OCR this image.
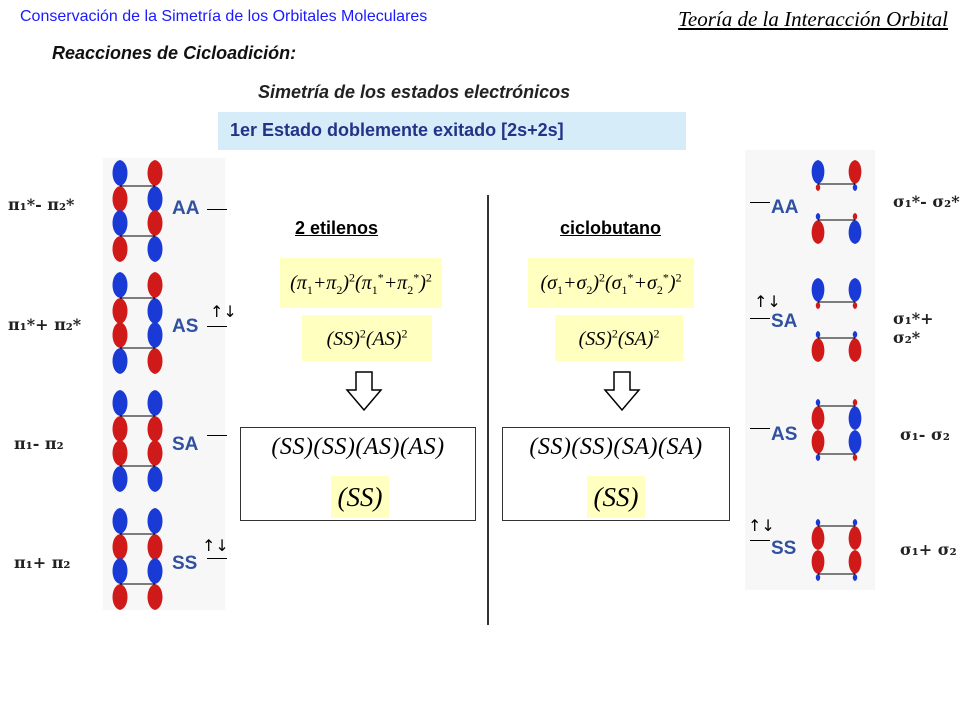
Conservación de la Simetría de los Orbitales Moleculares	Teoría de la Interacción Orbital
Reacciones de Cicloadición:
Simetría de los estados electrónicos
1er Estado doblemente exitado [2s+2s]
2 etilenos	ciclobutano
$(\pi_1+\pi_2)^2(\pi_1^*+\pi_2^*)^2$
(SS)$^2$(AS)$^2$
$(\sigma_1+\sigma_2)^2(\sigma_1^*+\sigma_2^*)^2$
(SS)$^2$(SA)$^2$
(SS)(SS)(AS)(AS)
(SS)
(SS)(SS)(SA)(SA)
(SS)
π₁*- π₂*
π₁*+ π₂*
π₁- π₂
π₁+ π₂
AA
AS
↑↓
SA
SS
↑↓
AA
↑↓
SA
AS
↑↓
SS
σ₁*- σ₂*
σ₁*+ σ₂*
σ₁- σ₂
σ₁+ σ₂
